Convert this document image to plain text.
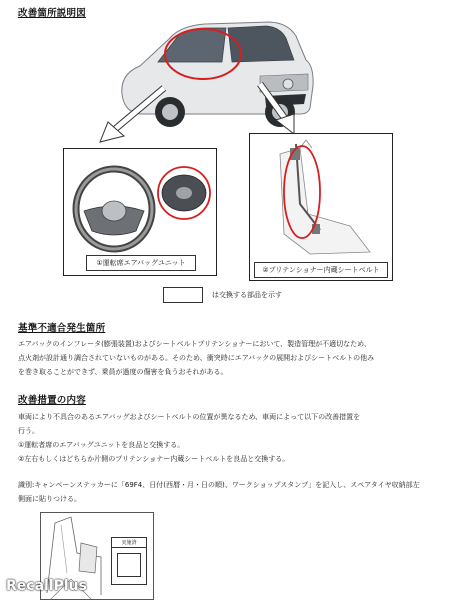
改善箇所説明図
①運転席エアバッグユニット
②プリテンショナー内蔵シートベルト
は交換する部品を示す
基準不適合発生箇所
エアバックのインフレータ(膨張装置)およびシートベルトプリテンショナーにおいて、製造管理が不適切なため、
点火剤が設計通り調合されていないものがある。そのため、衝突時にエアバックの展開およびシートベルトの他み
を巻き取ることができず、乗員が過度の傷害を負うおそれがある。
改善措置の内容
車両により不具合のあるエアバッグおよびシートベルトの位置が異なるため、車両によって以下の改善措置を
行う。
①運転者席のエアバッグユニットを良品と交換する。
②左右もしくはどちらか片側のプリテンショナー内蔵シートベルトを良品と交換する。
識別:キャンペーンステッカーに「69F4、日付(西暦・月・日の順)、ワークショップスタンプ」を記入し、スペアタイヤ収納部左
側面に貼りつける。
実施済
RecallPlus
